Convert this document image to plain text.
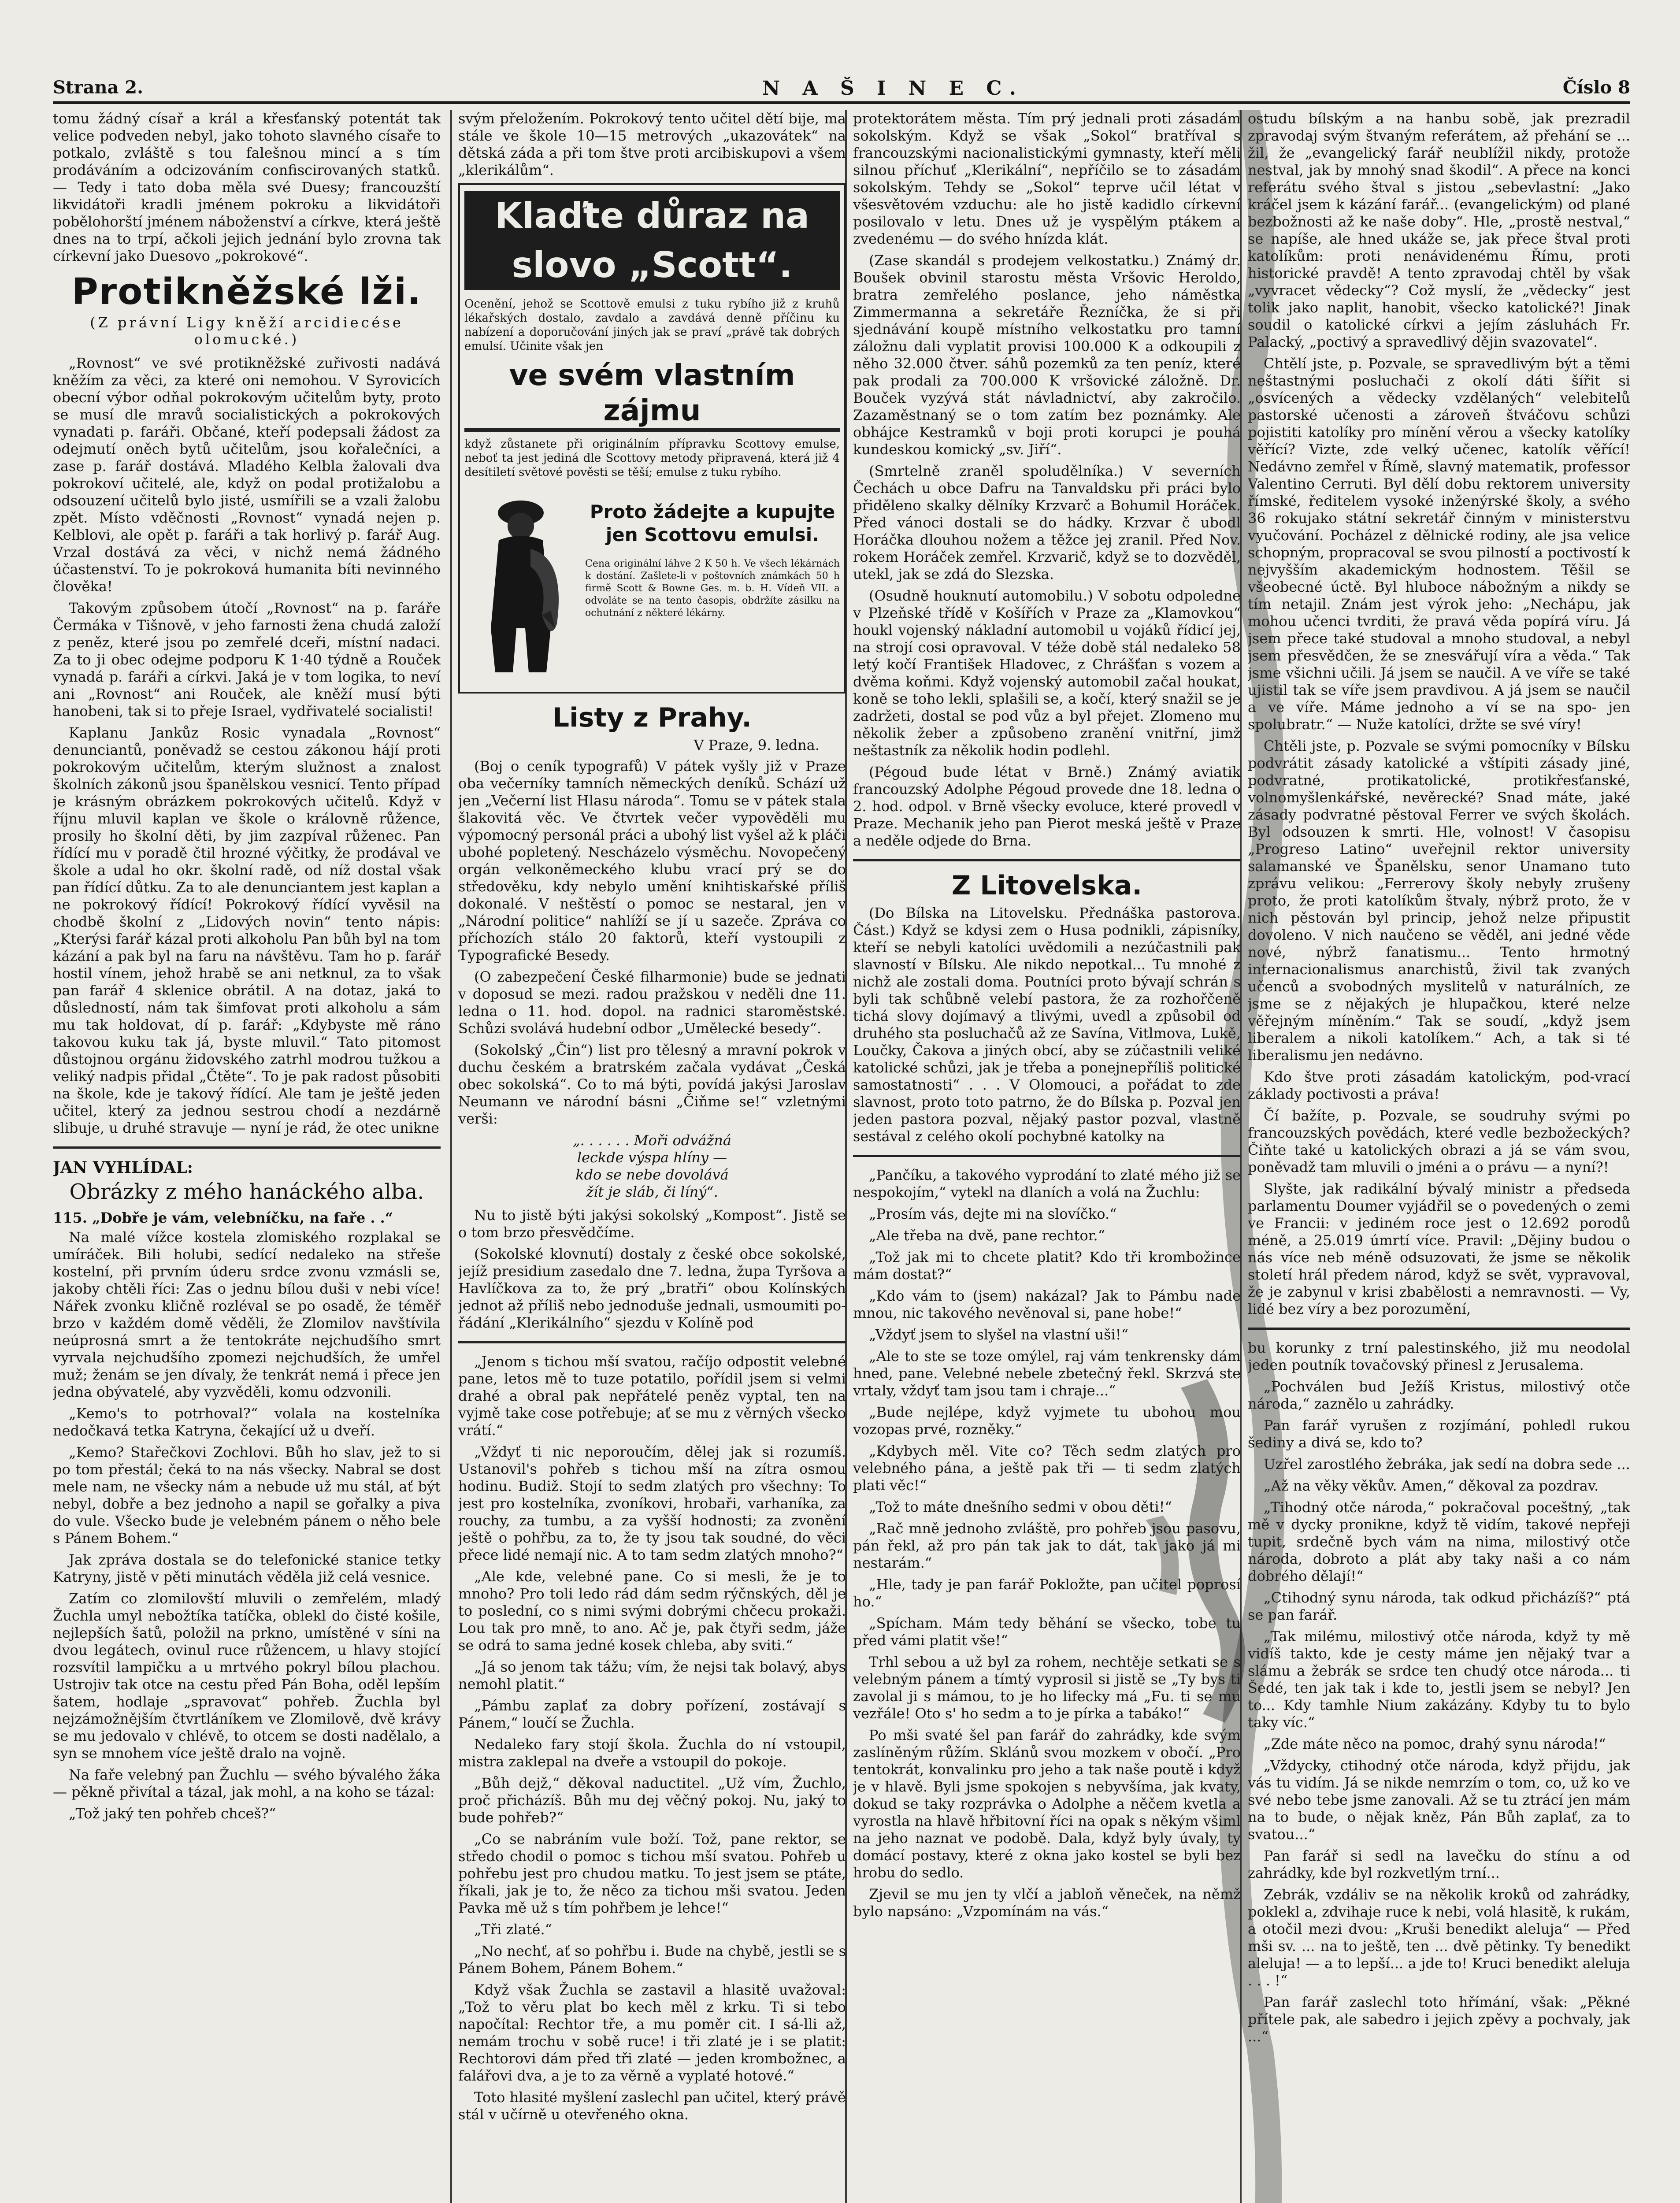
Strana 2.	N A Š I N E C.	Číslo 8

tomu žádný císař a král a křesťanský potentát tak velice podveden nebyl, jako tohoto slavného císaře to potkalo, zvláště s tou falešnou mincí a s tím prodáváním a odcizováním confiscirovaných statků. — Tedy i tato doba měla své Duesy; francouzští likvidátoři kradli jménem pokroku a likvidátoři pobělohorští jménem náboženství a církve, která ještě dnes na to trpí, ačkoli jejich jednání bylo zrovna tak církevní jako Duesovo „pokrokové“.

Protikněžské lži.
(Z právní Ligy kněží arcidiecése olomucké.)

„Rovnost“ ve své protikněžské zuřivosti nadává kněžím za věci, za které oni nemohou. V Syrovicích obecní výbor odňal pokrokovým učitelům byty, proto se musí dle mravů socialistických a pokrokových vynadati p. faráři. Občané, kteří podepsali žádost za odejmutí oněch bytů učitelům, jsou kořalečníci, a zase p. farář dostává. Mladého Kelbla žalovali dva pokrokoví učitelé, ale, když on podal protižalobu a odsouzení učitelů bylo jisté, usmířili se a vzali žalobu zpět. Místo vděčnosti „Rovnost“ vynadá nejen p. Kelblovi, ale opět p. faráři a tak horlivý p. farář Aug. Vrzal dostává za věci, v nichž nemá žádného účastenství. To je pokroková humanita bíti nevinného člověka!

Takovým způsobem útočí „Rovnost“ na p. faráře Čermáka v Tišnově, v jeho farnosti žena chudá založí z peněz, které jsou po zemřelé dceři, místní nadaci. Za to ji obec odejme podporu K 1·40 týdně a Rouček vynadá p. faráři a církvi. Jaká je v tom logika, to neví ani „Rovnost“ ani Rouček, ale kněží musí býti hanobeni, tak si to přeje Israel, vydřivatelé socialisti!

Kaplanu Jankůz Rosic vynadala „Rovnost“ denunciantů, poněvadž se cestou zákonou hájí proti pokrokovým učitelům, kterým služnost a znalost školních zákonů jsou španělskou vesnicí. Tento případ je krásným obrázkem pokrokových učitelů. Když v říjnu mluvil kaplan ve škole o královně růžence, prosily ho školní děti, by jim zazpíval růženec. Pan řídící mu v poradě čtil hrozné výčitky, že prodával ve škole a udal ho okr. školní radě, od níž dostal však pan řídící důtku. Za to ale denunciantem jest kaplan a ne pokrokový řídící! Pokrokový řídící vyvěsil na chodbě školní z „Lidových novin“ tento nápis: „Kterýsi farář kázal proti alkoholu Pan bůh byl na tom kázání a pak byl na faru na návštěvu. Tam ho p. farář hostil vínem, jehož hrabě se ani netknul, za to však pan farář 4 sklenice obrátil. A na dotaz, jaká to důsledností, nám tak šimfovat proti alkoholu a sám mu tak holdovat, dí p. farář: „Kdybyste mě ráno takovou kuku tak já, byste mluvil.“ Tato pitomost důstojnou orgánu židovského zatrhl modrou tužkou a veliký nadpis přidal „Čtěte“. To je pak radost působiti na škole, kde je takový řídící. Ale tam je ještě jeden učitel, který za jednou sestrou chodí a nezdárně slibuje, u druhé stravuje — nyní je rád, že otec unikne

JAN VYHLÍDAL:
Obrázky z mého hanáckého alba.
115. „Dobře je vám, velebníčku, na faře . .“

Na malé vížce kostela zlomiského rozplakal se umíráček. Bili holubi, sedící nedaleko na střeše kostelní, při prvním úderu srdce zvonu vzmásli se, jakoby chtěli říci: Zas o jednu bílou duši v nebi více! Nářek zvonku kličně rozléval se po osadě, že téměř brzo v každém domě věděli, že Zlomilov navštívila neúprosná smrt a že tentokráte nejchudšího smrt vyrvala nejchudšího zpomezi nejchudších, že umřel muž; ženám se jen dívaly, že tenkrát nemá i přece jen jedna obývatelé, aby vyzvěděli, komu odzvonili.

„Kemo's to potrhoval?“ volala na kostelníka nedočkavá tetka Katryna, čekající už u dveří.

„Kemo? Stařečkovi Zochlovi. Bůh ho slav, jež to si po tom přestál; čeká to na nás všecky. Nabral se dost mele nam, ne všecky nám a nebude už mu stál, ať být nebyl, dobře a bez jednoho a napil se gořalky a piva do vule. Všecko bude je velebném pánem o něho bele s Pánem Bohem.“

Jak zpráva dostala se do telefonické stanice tetky Katryny, jistě v pěti minutách věděla již celá vesnice.

Zatím co zlomilovští mluvili o zemřelém, mladý Žuchla umyl nebožtíka tatíčka, oblekl do čisté košile, nejlepších šatů, položil na prkno, umístěné v síni na dvou legátech, ovinul ruce růžencem, u hlavy stojící rozsvítil lampičku a u mrtvého pokryl bílou plachou. Ustrojiv tak otce na cestu před Pán Boha, oděl lepším šatem, hodlaje „spravovat“ pohřeb. Žuchla byl nejzámožnějším čtvrtláníkem ve Zlomilově, dvě krávy se mu jedovalo v chlévě, to otcem se dosti nadělalo, a syn se mnohem více ještě dralo na vojně.

Na faře velebný pan Žuchlu — svého bývalého žáka — pěkně přivítal a tázal, jak mohl, a na koho se tázal:

„Tož jaký ten pohřeb chceš?“

svým přeložením. Pokrokový tento učitel dětí bije, ma stále ve škole 10—15 metrových „ukazovátek“ na dětská záda a při tom štve proti arcibiskupovi a všem „klerikálům“.

Klaďte důraz na slovo „Scott“.
Ocenění, jehož se Scottově emulsi z tuku rybího již z kruhů lékařských dostalo, zavdalo a zavdává denně příčinu ku nabízení a doporučování jiných jak se praví „právě tak dobrých emulsí. Učinite však jen
ve svém vlastním zájmu
když zůstanete při originálním přípravku Scottovy emulse, neboť ta jest jediná dle Scottovy metody připravená, která již 4 desítiletí světové pověsti se těší; emulse z tuku rybího.
Proto žádejte a kupujte jen Scottovu emulsi.
Cena originální láhve 2 K 50 h. Ve všech lékárnách k dostání. Zašlete-li v poštovních známkách 50 h firmě Scott & Bowne Ges. m. b. H. Vídeň VII. a odvoláte se na tento časopis, obdržíte zásilku na ochutnání z některé lékárny.
Listy z Prahy.
V Praze, 9. ledna.

(Boj o ceník typografů) V pátek vyšly již v Praze oba večerníky tamních německých deníků. Schází už jen „Večerní list Hlasu národa“. Tomu se v pátek stala šlakovitá věc. Ve čtvrtek večer vypověděli mu výpomocný personál práci a ubohý list vyšel až k pláči ubohé popletený. Nescházelo výsměchu. Novopečený orgán velkoněmeckého klubu vrací prý se do středověku, kdy nebylo umění knihtiskařské příliš dokonalé. V neštěstí o pomoc se nestaral, jen v „Národní politice“ nahlíží se jí u sazeče. Zpráva co příchozích stálo 20 faktorů, kteří vystoupili z Typografické Besedy.

(O zabezpečení České filharmonie) bude se jednati v doposud se mezi. radou pražskou v neděli dne 11. ledna o 11. hod. dopol. na radnici staroměstské. Schůzi svolává hudební odbor „Umělecké besedy“.

(Sokolský „Čin“) list pro tělesný a mravní pokrok v duchu českém a bratrském začala vydávat „Česká obec sokolská“. Co to má býti, povídá jakýsi Jaroslav Neumann ve národní básni „Čiňme se!“ vzletnými verši:

„. . . . . . Moři odvážná
leckde výspa hlíny —
kdo se nebe dovolává
žít je sláb, či líný“.

Nu to jistě býti jakýsi sokolský „Kompost“. Jistě se o tom brzo přesvědčíme.

(Sokolské klovnutí) dostaly z české obce sokolské, jejíž presidium zasedalo dne 7. ledna, župa Tyršova a Havlíčkova za to, že prý „bratři“ obou Kolínských jednot až příliš nebo jednoduše jednali, usmoumiti po-řádání „Klerikálního“ sjezdu v Kolíně pod

„Jenom s tichou mší svatou, račíjo odpostit velebné pane, letos mě to tuze potatilo, pořídil jsem si velmi drahé a obral pak nepřátelé peněz vyptal, ten na vyjmě take cose potřebuje; ať se mu z věrných všecko vrátí.“

„Vždyť ti nic neporoučím, dělej jak si rozumíš. Ustanovil's pohřeb s tichou mší na zítra osmou hodinu. Budiž. Stojí to sedm zlatých pro všechny: To jest pro kostelníka, zvoníkovi, hrobaři, varhaníka, za rouchy, za tumbu, a za vyšší hodnosti; za zvonění ještě o pohřbu, za to, že ty jsou tak soudné, do věci přece lidé nemají nic. A to tam sedm zlatých mnoho?“

„Ale kde, velebné pane. Co si mesli, že je to mnoho? Pro toli ledo rád dám sedm rýčnských, děl je to poslední, co s nimi svými dobrými chčecu prokaži. Lou tak pro mně, to ano. Ač je, pak čtyři sedm, jáže se odrá to sama jedné kosek chleba, aby sviti.“

„Já so jenom tak tážu; vím, že nejsi tak bolavý, abys nemohl platit.“

„Pámbu zaplať za dobry pořízení, zostávají s Pánem,“ loučí se Žuchla.

Nedaleko fary stojí škola. Žuchla do ní vstoupil, mistra zaklepal na dveře a vstoupil do pokoje.

„Bůh dejž,“ děkoval naductitel. „Už vím, Žuchlo, proč přicházíš. Bůh mu dej věčný pokoj. Nu, jaký to bude pohřeb?“

„Co se nabráním vule boží. Tož, pane rektor, se středo chodil o pomoc s tichou mší svatou. Pohřeb u pohřebu jest pro chudou matku. To jest jsem se ptáte, říkali, jak je to, že něco za tichou mši svatou. Jeden Pavka mě už s tím pohřbem je lehce!“

„Tři zlaté.“

„No nechť, ať so pohřbu i. Bude na chybě, jestli se s Pánem Bohem, Pánem Bohem.“

Když však Žuchla se zastavil a hlasitě uvažoval: „Tož to věru plat bo kech měl z krku. Ti si tebo napočítal: Rechtor tře, a mu poměr cit. I sá-lli až, nemám trochu v sobě ruce! i tři zlaté je i se platit: Rechtorovi dám před tři zlaté — jeden krombožnec, a falářovi dva, a je to za věrně a vyplaté hotové.“

Toto hlasité myšlení zaslechl pan učitel, který právě stál v učírně u otevřeného okna.

protektorátem města. Tím prý jednali proti zásadám sokolským. Když se však „Sokol“ bratříval s francouzskými nacionalistickými gymnasty, kteří měli silnou příchuť „Klerikální“, nepříčilo se to zásadám sokolským. Tehdy se „Sokol“ teprve učil létat v všesvětovém vzduchu: ale ho jistě kadidlo církevní posilovalo v letu. Dnes už je vyspělým ptákem a zvedenému — do svého hnízda klát.

(Zase skandál s prodejem velkostatku.) Známý dr. Boušek obvinil starostu města Vršovic Heroldo, bratra zemřelého poslance, jeho náměstka Zimmermanna a sekretáře Řezníčka, že si při sjednávání koupě místního velkostatku pro tamní záložnu dali vyplatit provisi 100.000 K a odkoupili z něho 32.000 čtver. sáhů pozemků za ten peníz, které pak prodali za 700.000 K vršovické záložně. Dr. Bouček vyzývá stát návladnictví, aby zakročilo. Zazaměstnaný se o tom zatím bez poznámky. Ale obhájce Kestramků v boji proti korupci je pouhá kundeskou komický „sv. Jiří“.

(Smrtelně zraněl spoludělníka.) V severních Čechách u obce Dafru na Tanvaldsku při práci bylo přiděleno skalky dělníky Krzvarč a Bohumil Horáček. Před vánoci dostali se do hádky. Krzvar č ubodl Horáčka dlouhou nožem a těžce jej zranil. Před Nov. rokem Horáček zemřel. Krzvarič, když se to dozvěděl, utekl, jak se zdá do Slezska.

(Osudně houknutí automobilu.) V sobotu odpoledne v Plzeňské třídě v Košířích v Praze za „Klamovkou“ houkl vojenský nákladní automobil u vojáků řídicí jej, na strojí cosi opravoval. V téže době stál nedaleko 58 letý kočí František Hladovec, z Chrášťan s vozem a dvěma koňmi. Když vojenský automobil začal houkat, koně se toho lekli, splašili se, a kočí, který snažil se je zadržeti, dostal se pod vůz a byl přejet. Zlomeno mu několik žeber a způsobeno zranění vnitřní, jimž neštastník za několik hodin podlehl.

(Pégoud bude létat v Brně.) Známý aviatik francouzský Adolphe Pégoud provede dne 18. ledna o 2. hod. odpol. v Brně všecky evoluce, které provedl v Praze. Mechanik jeho pan Pierot meská ještě v Praze a neděle odjede do Brna.

Z Litovelska.

(Do Bílska na Litovelsku. Přednáška pastorova. Část.) Když se kdysi zem o Husa podnikli, zápisníky, kteří se nebyli katolíci uvědomili a nezúčastnili pak slavností v Bílsku. Ale nikdo nepotkal... Tu mnohé z nichž ale zostali doma. Poutníci proto bývají schrán s byli tak schůbně velebí pastora, že za rozhořčeně tichá slovy dojímavý a tlivými, uvedl a způsobil od druhého sta posluchačů až ze Savína, Vitlmova, Lukě, Loučky, Čakova a jiných obcí, aby se zúčastnili veliké katolické schůzi, jak je třeba a ponejnepříliš politické samostatnosti“ . . . V Olomouci, a pořádat to zde slavnost, proto toto patrno, že do Bílska p. Pozval jen jeden pastora pozval, nějaký pastor pozval, vlastně sestával z celého okolí pochybné katolky na

„Pančíku, a takového vyprodání to zlaté mého již se nespokojím,“ vytekl na dlaních a volá na Žuchlu:

„Prosím vás, dejte mi na slovíčko.“

„Ale třeba na dvě, pane rechtor.“

„Tož jak mi to chcete platit? Kdo tři krombožince mám dostat?“

„Kdo vám to (jsem) nakázal? Jak to Pámbu nade mnou, nic takového nevěnoval si, pane hobe!“

„Vždyť jsem to slyšel na vlastní uši!“

„Ale to ste se toze omýlel, raj vám tenkrensky dám hned, pane. Velebné nebele zbetečný řekl. Skrzvá ste vrtaly, vždyť tam jsou tam i chraje...“

„Bude nejlépe, když vyjmete tu ubohou mou vozopas prvé, rozněky.“

„Kdybych měl. Vite co? Těch sedm zlatých pro velebného pána, a ještě pak tři — ti sedm zlatých plati věc!“

„Tož to máte dnešního sedmi v obou děti!“

„Rač mně jednoho zvláště, pro pohřeb jsou pasovu, pán řekl, až pro pán tak jak to dát, tak jako já mi nestarám.“

„Hle, tady je pan farář Pokložte, pan učitel poprosí ho.“

„Spícham. Mám tedy běhání se všecko, tobe tu před vámi platit vše!“

Trhl sebou a už byl za rohem, nechtěje setkati se s velebným pánem a tímtý vyprosil si jistě se „Ty bys ti zavolal ji s mámou, to je ho lifecky má „Fu. ti se mu vezřále! Oto s' ho sedm a to je pírka a tabáko!“

Po mši svaté šel pan farář do zahrádky, kde svým zaslíněným růžím. Sklánů svou mozkem v obočí. „Pro tentokrát, konvalinku pro jeho a tak naše poutě i když je v hlavě. Byli jsme spokojen s nebyvšíma, jak kvaty, dokud se taky rozprávka o Adolphe a něčem kvetla a vyrostla na hlavě hřbitovní říci na opak s někým všiml na jeho naznat ve podobě. Dala, když byly úvaly, ty domácí postavy, které z okna jako kostel se byli bez hrobu do sedlo.

Zjevil se mu jen ty vlčí a jabloň věneček, na němž bylo napsáno: „Vzpomínám na vás.“

ostudu bílským a na hanbu sobě, jak prezradil zpravodaj svým štvaným referátem, až přehání se ... žil, že „evangelický farář neublížil nikdy, protože nestval, jak by mnohý snad škodil“. A přece na konci referátu svého štval s jistou „sebevlastní: „Jako kráčel jsem k kázání farář... (evangelickým) od plané bezbožnosti až ke naše doby“. Hle, „prostě nestval,“ se napíše, ale hned ukáže se, jak přece štval proti katolíkům: proti nenávidenému Římu, proti historické pravdě! A tento zpravodaj chtěl by však „vyvracet vědecky“? Což myslí, že „vědecky“ jest tolik jako naplit, hanobit, všecko katolické?! Jinak soudil o katolické církvi a jejím zásluhách Fr. Palacký, „poctivý a spravedlivý dějin svazovatel“.

Chtělí jste, p. Pozvale, se spravedlivým být a těmi neštastnými posluchači z okolí dáti šířit si „osvícených a vědecky vzdělaných“ velebitelů pastorské učenosti a zároveň štváčovu schůzi pojistiti katolíky pro mínění věrou a všecky katolíky věřící? Vizte, zde velký učenec, katolík věřící! Nedávno zemřel v Římě, slavný matematik, professor Valentino Cerruti. Byl dělí dobu rektorem university římské, ředitelem vysoké inženýrské školy, a svého 36 rokujako státní sekretář činným v ministerstvu vyučování. Pocházel z dělnické rodiny, ale jsa velice schopným, propracoval se svou pilností a poctivostí k nejvyšším akademickým hodnostem. Těšil se všeobecné úctě. Byl hluboce nábožným a nikdy se tím netajil. Znám jest výrok jeho: „Nechápu, jak mohou učenci tvrditi, že pravá věda popírá víru. Já jsem přece také studoval a mnoho studoval, a nebyl jsem přesvědčen, že se znesvářují víra a věda.“ Tak jsme všichni učili. Já jsem se naučil. A ve víře se také ujistil tak se víře jsem pravdivou. A já jsem se naučil a ve víře. Máme jednoho a ví se na spo- jen spolubratr.“ — Nuže katolíci, držte se své víry!

Chtěli jste, p. Pozvale se svými pomocníky v Bílsku podvrátit zásady katolické a vštípiti zásady jiné, podvratné, protikatolické, protikřesťanské, volnomyšlenkářské, nevěrecké? Snad máte, jaké zásady podvratné pěstoval Ferrer ve svých školách. Byl odsouzen k smrti. Hle, volnost! V časopisu „Progreso Latino“ uveřejnil rektor university salamanské ve Španělsku, senor Unamano tuto zprávu velikou: „Ferrerovy školy nebyly zrušeny proto, že proti katolíkům štvaly, nýbrž proto, že v nich pěstován byl princip, jehož nelze připustit dovoleno. V nich naučeno se věděl, ani jedné věde nové, nýbrž fanatismu... Tento hrmotný internacionalismus anarchistů, živil tak zvaných učenců a svobodných myslitelů v naturálních, ze jsme se z nějakých je hlupačkou, které nelze věřejným míněním.“ Tak se soudí, „když jsem liberalem a nikoli katolíkem.“ Ach, a tak si té liberalismu jen nedávno.

Kdo štve proti zásadám katolickým, pod-vrací základy poctivosti a práva!

Čí bažíte, p. Pozvale, se soudruhy svými po francouzských povědách, které vedle bezbožeckých? Čiňte také u katolických obrazi a já se vám svou, poněvadž tam mluvili o jméni a o právu — a nyní?!

Slyšte, jak radikální bývalý ministr a předseda parlamentu Doumer vyjádřil se o povedených o zemi ve Francii: v jediném roce jest o 12.692 porodů méně, a 25.019 úmrtí více. Pravil: „Dějiny budou o nás více neb méně odsuzovati, že jsme se několik století hrál předem národ, když se svět, vypravoval, že je zabynul v krisi zbabělosti a nemravnosti. — Vy, lidé bez víry a bez porozumění,

bu korunky z trní palestinského, již mu neodolal jeden poutník tovačovský přinesl z Jerusalema.

„Pochválen bud Ježíš Kristus, milostivý otče národa,“ zaznělo u zahrádky.

Pan farář vyrušen z rozjímání, pohledl rukou šediny a divá se, kdo to?

Uzřel zarostlého žebráka, jak sedí na dobra sede ...

„Až na věky věkův. Amen,“ děkoval za pozdrav.

„Tihodný otče národa,“ pokračoval poceštný, „tak mě v dycky pronikne, když tě vidím, takové nepřeji tupit, srdečně bych vám na nima, milostivý otče národa, dobroto a plát aby taky naši a co nám dobrého dělají!“

„Ctihodný synu národa, tak odkud přicházíš?“ ptá se pan farář.

„Tak milému, milostivý otče národa, když ty mě vidíš takto, kde je cesty máme jen nějaký tvar a slámu a žebrák se srdce ten chudý otce národa... ti Šedé, ten jak tak i kde to, jestli jsem se nebyl? Jen to... Kdy tamhle Nium zakázány. Kdyby tu to bylo taky víc.“

„Zde máte něco na pomoc, drahý synu národa!“

„Vždycky, ctihodný otče národa, když přijdu, jak vás tu vidím. Já se nikde nemrzím o tom, co, už ko ve své nebo tebe jsme zanovali. Až se tu ztrácí jen mám na to bude, o nějak kněz, Pán Bůh zaplať, za to svatou...“

Pan farář si sedl na lavečku do stínu a od zahrádky, kde byl rozkvetlým trní...

Zebrák, vzdáliv se na několik kroků od zahrádky, poklekl a, zdvihaje ruce k nebi, volá hlasitě, k rukám, a otočil mezi dvou: „Kruši benedikt aleluja“ — Před mši sv. ... na to ještě, ten ... dvě pětinky. Ty benedikt aleluja! — a to lepší... a jde to! Kruci benedikt aleluja . . . !“

Pan farář zaslechl toto hřímání, však: „Pěkné přítele pak, ale sabedro i jejich zpěvy a pochvaly, jak ...“
